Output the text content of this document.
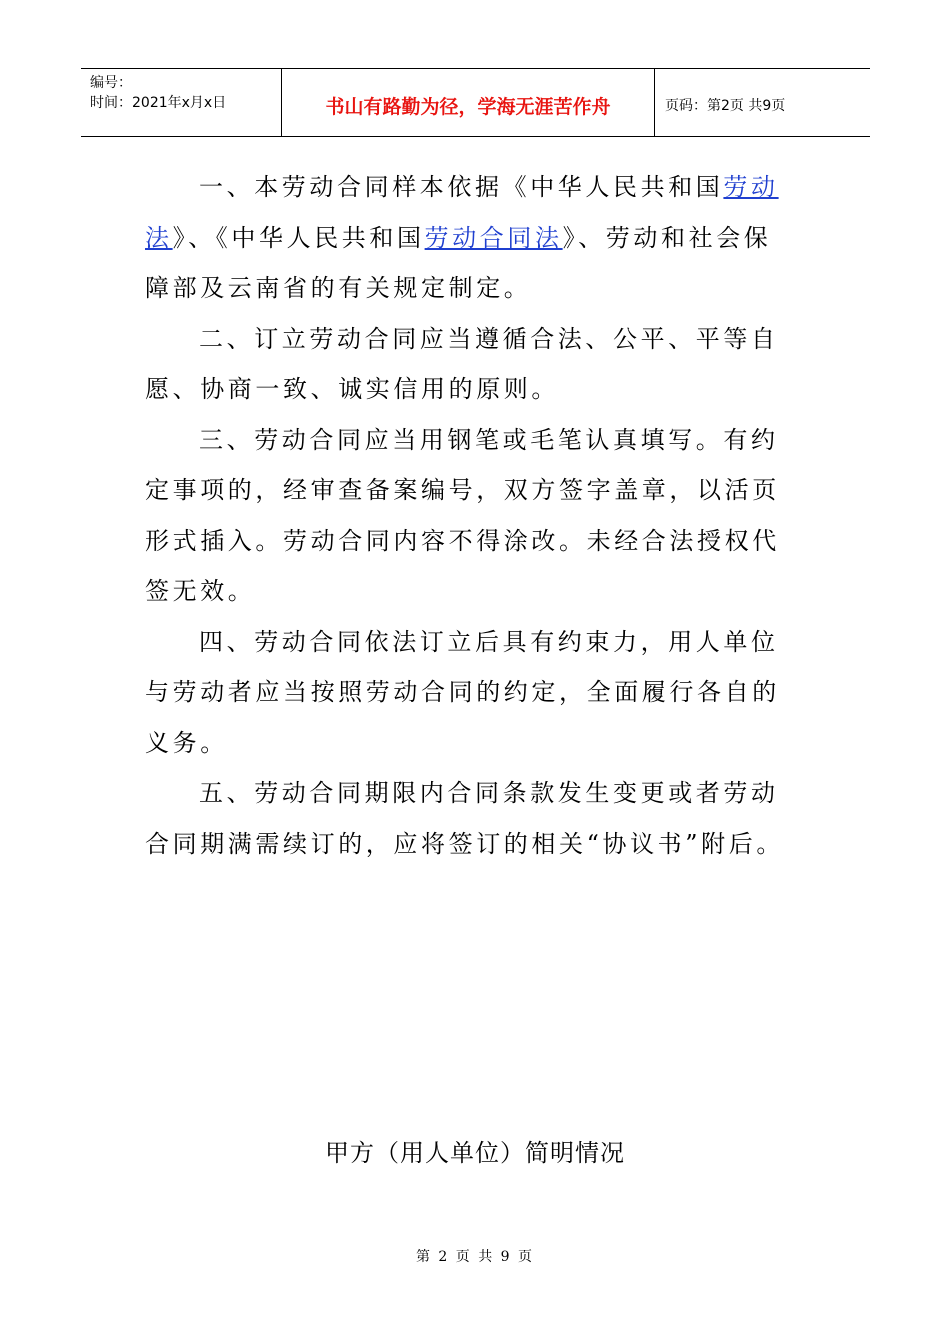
编号：
时间：2021年x月x日	书山有路勤为径，学海无涯苦作舟	页码：第2页 共9页

一、本劳动合同样本依据《中华人民共和国劳动法》、《中华人民共和国劳动合同法》、劳动和社会保障部及云南省的有关规定制定。

二、订立劳动合同应当遵循合法、公平、平等自愿、协商一致、诚实信用的原则。

三、劳动合同应当用钢笔或毛笔认真填写。有约定事项的，经审查备案编号，双方签字盖章，以活页形式插入。劳动合同内容不得涂改。未经合法授权代签无效。

四、劳动合同依法订立后具有约束力，用人单位与劳动者应当按照劳动合同的约定，全面履行各自的义务。

五、劳动合同期限内合同条款发生变更或者劳动合同期满需续订的，应将签订的相关“协议书”附后。

甲方（用人单位）简明情况
第 2 页 共 9 页
